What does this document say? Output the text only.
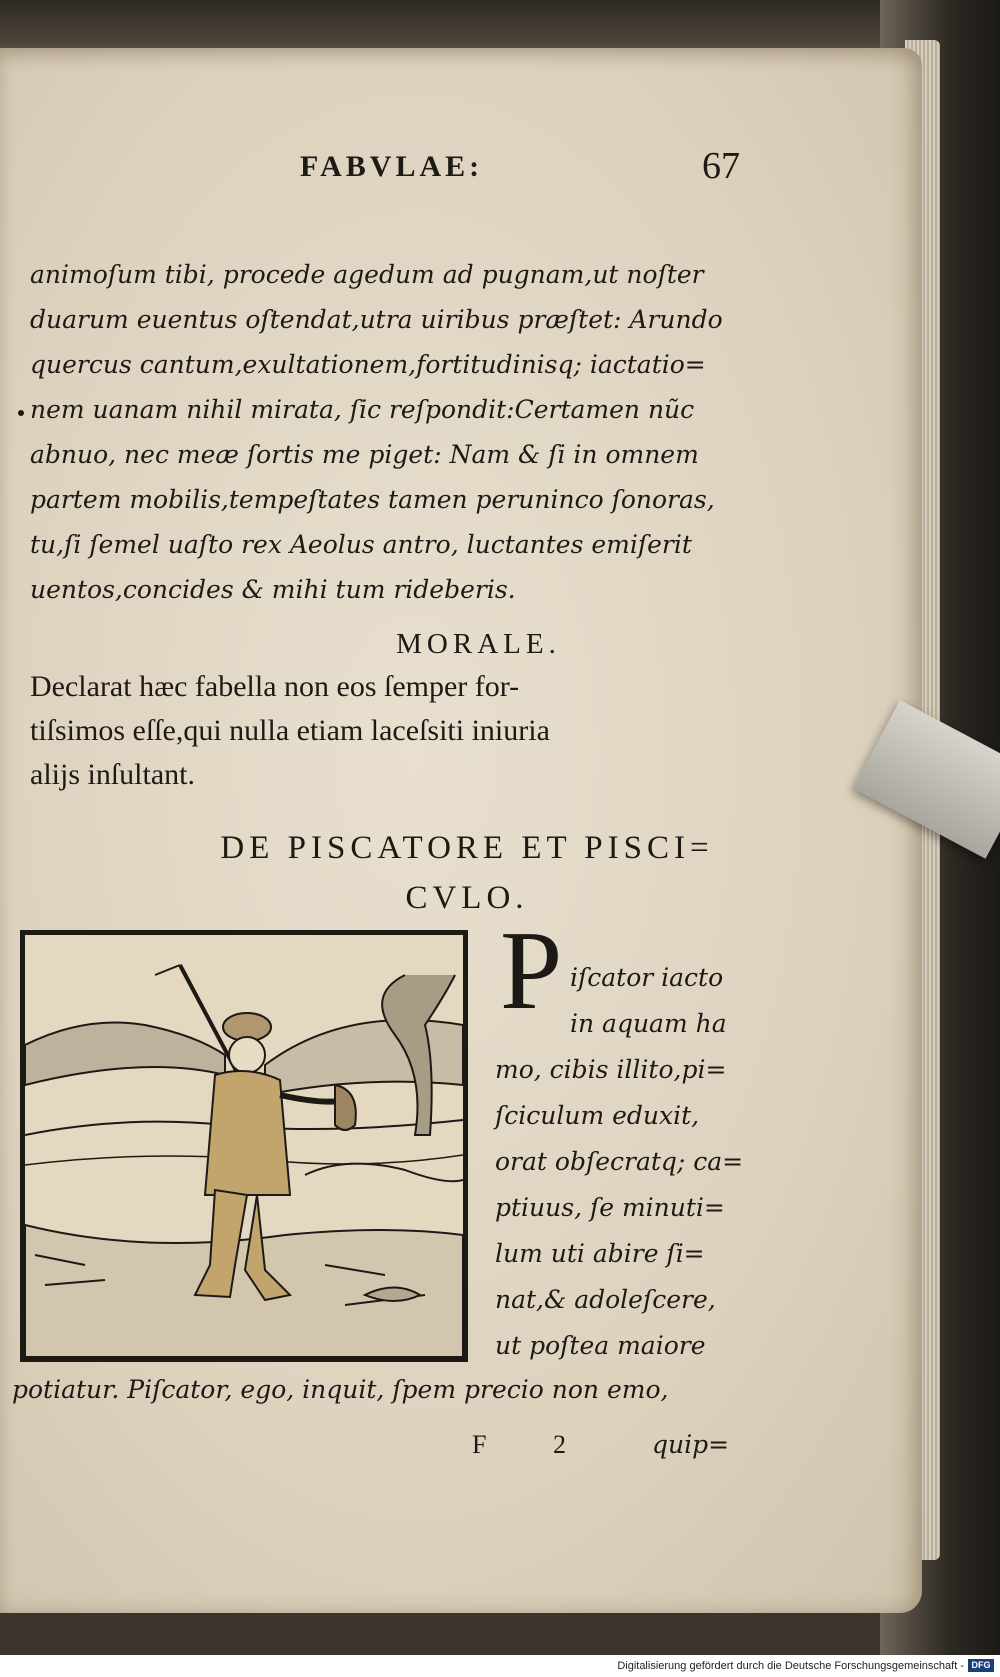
FABVLAE:	67
animoſum tibi, procede agedum ad pugnam,ut noſter
duarum euentus oſtendat,utra uiribus præſtet: Arundo
quercus cantum,exultationem,fortitudinisq; iactatio=
nem uanam nihil mirata, ſic reſpondit:Certamen nũc
abnuo, nec meæ ſortis me piget: Nam & ſi in omnem
partem mobilis,tempeſtates tamen peruninco ſonoras,
tu,ſi ſemel uaſto rex Aeolus antro, luctantes emiſerit
uentos,concides & mihi tum rideberis.
MORALE.
Declarat hæc fabella non eos ſemper for-
tiſsimos eſſe,qui nulla etiam laceſsiti iniuria
alijs inſultant.
DE PISCATORE ET PISCI=
CVLO.
P iſcator iacto
in aquam ha
mo, cibis illito,pi=
ſciculum eduxit,
orat obſecratq; ca=
ptiuus, ſe minuti=
lum uti abire ſi=
nat,& adoleſcere,
ut poſtea maiore
potiatur. Piſcator, ego, inquit, ſpem precio non emo,
F 2 quip=
Digitalisierung gefördert durch die Deutsche Forschungsgemeinschaft - DFG
